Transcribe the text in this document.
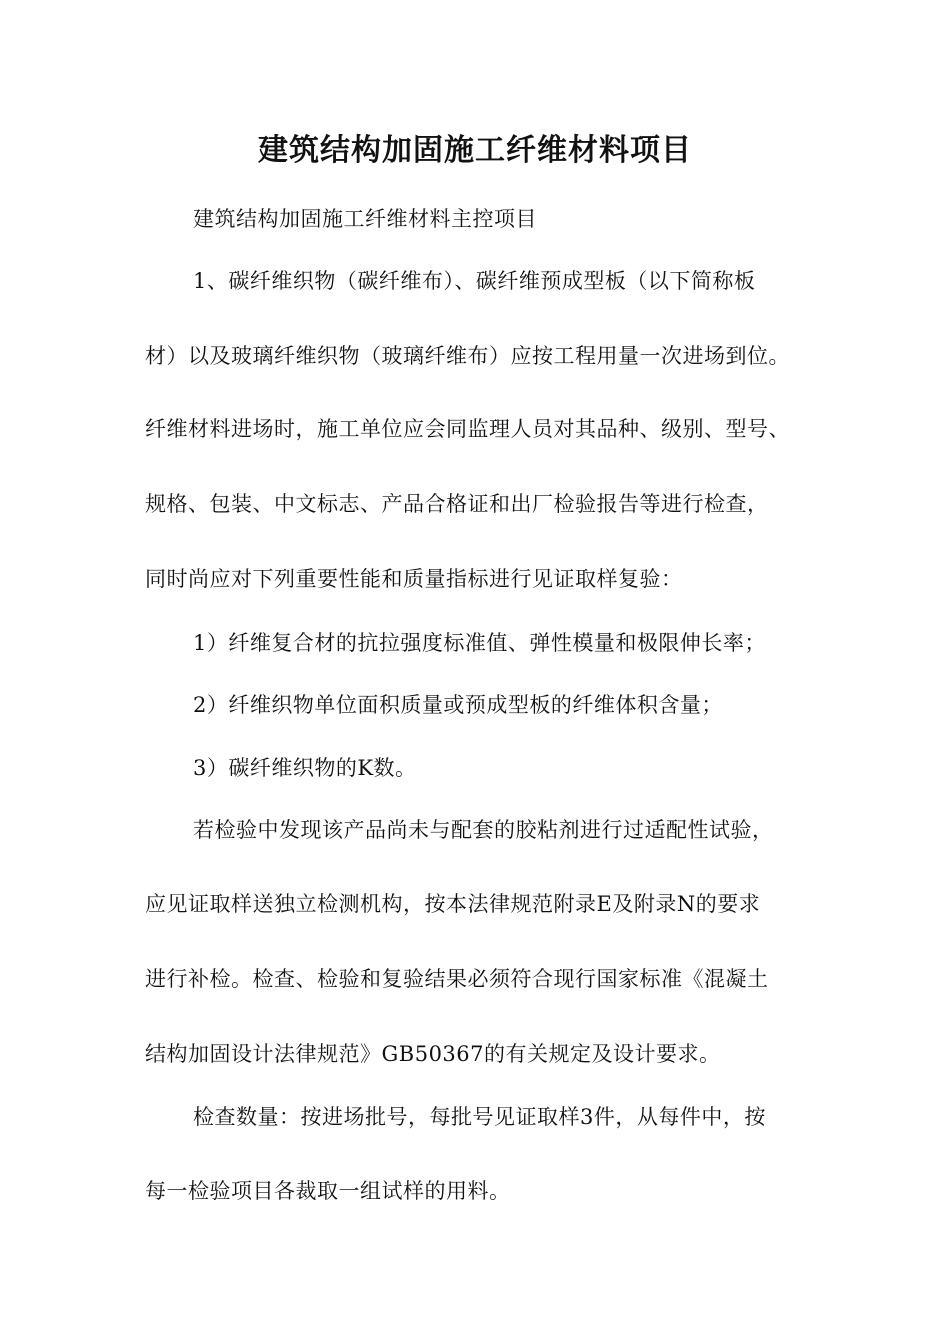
建筑结构加固施工纤维材料项目
建筑结构加固施工纤维材料主控项目
1、碳纤维织物（碳纤维布）、碳纤维预成型板（以下简称板
材）以及玻璃纤维织物（玻璃纤维布）应按工程用量一次进场到位。
纤维材料进场时，施工单位应会同监理人员对其品种、级别、型号、
规格、包装、中文标志、产品合格证和出厂检验报告等进行检查，
同时尚应对下列重要性能和质量指标进行见证取样复验：
1）纤维复合材的抗拉强度标准值、弹性模量和极限伸长率；
2）纤维织物单位面积质量或预成型板的纤维体积含量；
3）碳纤维织物的K数。
若检验中发现该产品尚未与配套的胶粘剂进行过适配性试验，
应见证取样送独立检测机构，按本法律规范附录E及附录N的要求
进行补检。检查、检验和复验结果必须符合现行国家标准《混凝土
结构加固设计法律规范》GB50367的有关规定及设计要求。
检查数量：按进场批号，每批号见证取样3件，从每件中，按
每一检验项目各裁取一组试样的用料。
